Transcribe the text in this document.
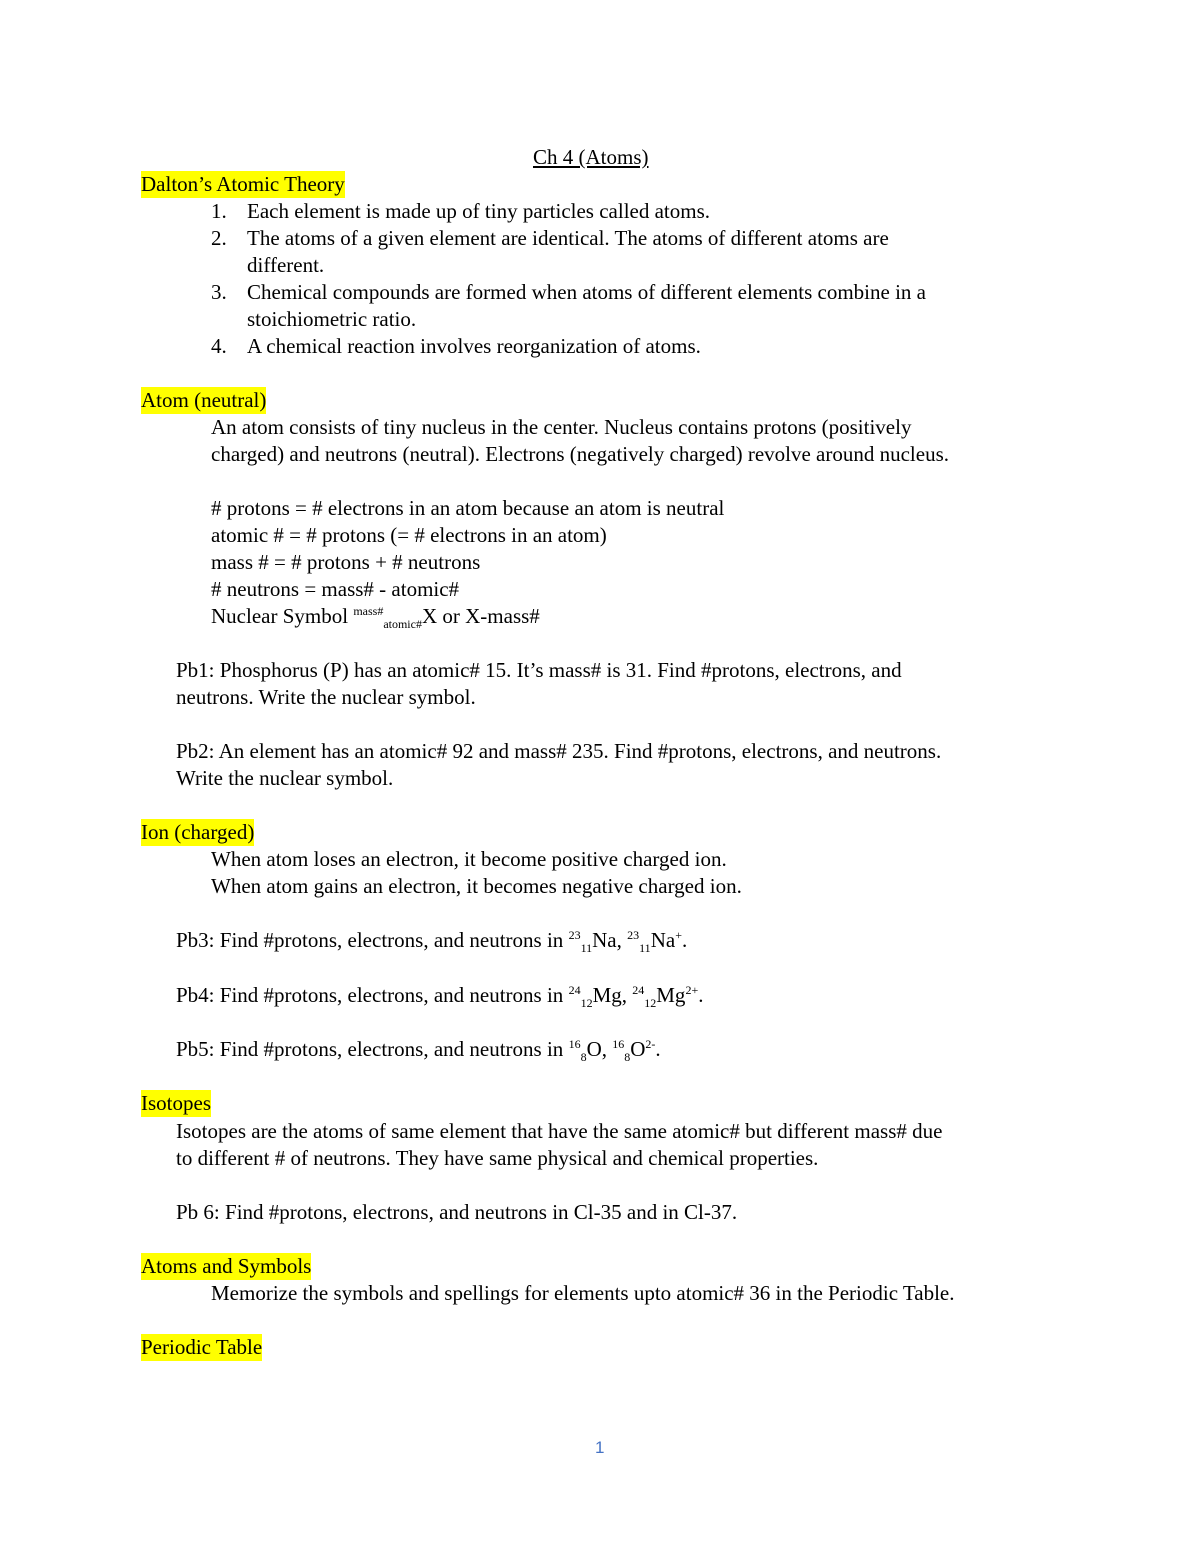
Ch 4 (Atoms)
Dalton’s Atomic Theory
1. Each element is made up of tiny particles called atoms.
2. The atoms of a given element are identical. The atoms of different atoms are
different.
3. Chemical compounds are formed when atoms of different elements combine in a
stoichiometric ratio.
4. A chemical reaction involves reorganization of atoms.
Atom (neutral)
An atom consists of tiny nucleus in the center. Nucleus contains protons (positively
charged) and neutrons (neutral). Electrons (negatively charged) revolve around nucleus.
# protons = # electrons in an atom because an atom is neutral
atomic # = # protons (= # electrons in an atom)
mass # = # protons + # neutrons
# neutrons = mass# - atomic#
Nuclear Symbol $^{mass\#}_{atomic\#}$X or X-mass#
Pb1: Phosphorus (P) has an atomic# 15. It’s mass# is 31. Find #protons, electrons, and
neutrons. Write the nuclear symbol.
Pb2: An element has an atomic# 92 and mass# 235. Find #protons, electrons, and neutrons.
Write the nuclear symbol.
Ion (charged)
When atom loses an electron, it become positive charged ion.
When atom gains an electron, it becomes negative charged ion.
Pb3: Find #protons, electrons, and neutrons in $^{23}_{11}$Na, $^{23}_{11}$Na+.
Pb4: Find #protons, electrons, and neutrons in $^{24}_{12}$Mg, $^{24}_{12}Mg^{2+}$.
Pb5: Find #protons, electrons, and neutrons in $^{16}_8$O, $^{16}_8O^{2-}$.
Isotopes
Isotopes are the atoms of same element that have the same atomic# but different mass# due
to different # of neutrons. They have same physical and chemical properties.
Pb 6: Find #protons, electrons, and neutrons in Cl-35 and in Cl-37.
Atoms and Symbols
Memorize the symbols and spellings for elements upto atomic# 36 in the Periodic Table.
Periodic Table
1
